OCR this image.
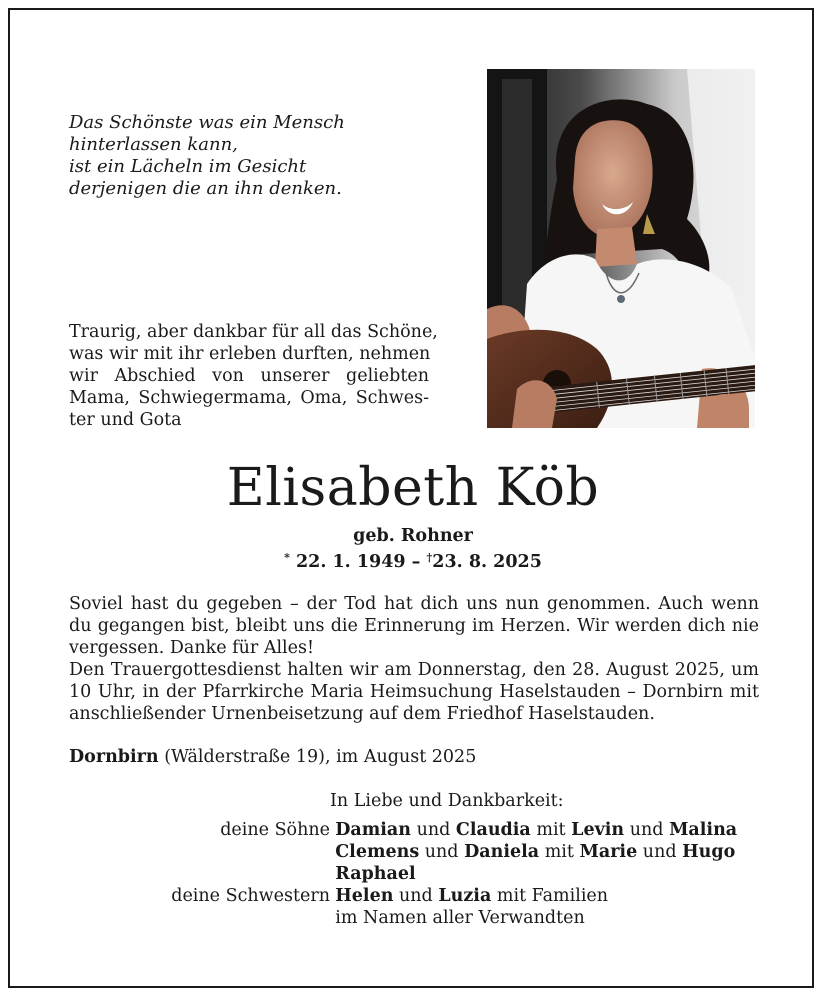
Das Schönste was ein Mensch
hinterlassen kann,
ist ein Lächeln im Gesicht
derjenigen die an ihn denken.
Traurig, aber dankbar für all das Schöne,
was wir mit ihr erleben durften, nehmen
wir Abschied von unserer geliebten
Mama, Schwiegermama, Oma, Schwes-
ter und Gota
Elisabeth Köb
geb. Rohner
* 22. 1. 1949 – †23. 8. 2025
Soviel hast du gegeben – der Tod hat dich uns nun genommen. Auch wenn
du gegangen bist, bleibt uns die Erinnerung im Herzen. Wir werden dich nie
vergessen. Danke für Alles!
Den Trauergottesdienst halten wir am Donnerstag, den 28. August 2025, um
10 Uhr, in der Pfarrkirche Maria Heimsuchung Haselstauden – Dornbirn mit
anschließender Urnenbeisetzung auf dem Friedhof Haselstauden.
Dornbirn (Wälderstraße 19), im August 2025
In Liebe und Dankbarkeit:
deine Söhne Damian und Claudia mit Levin und Malina
Clemens und Daniela mit Marie und Hugo
Raphael
deine Schwestern Helen und Luzia mit Familien
im Namen aller Verwandten
